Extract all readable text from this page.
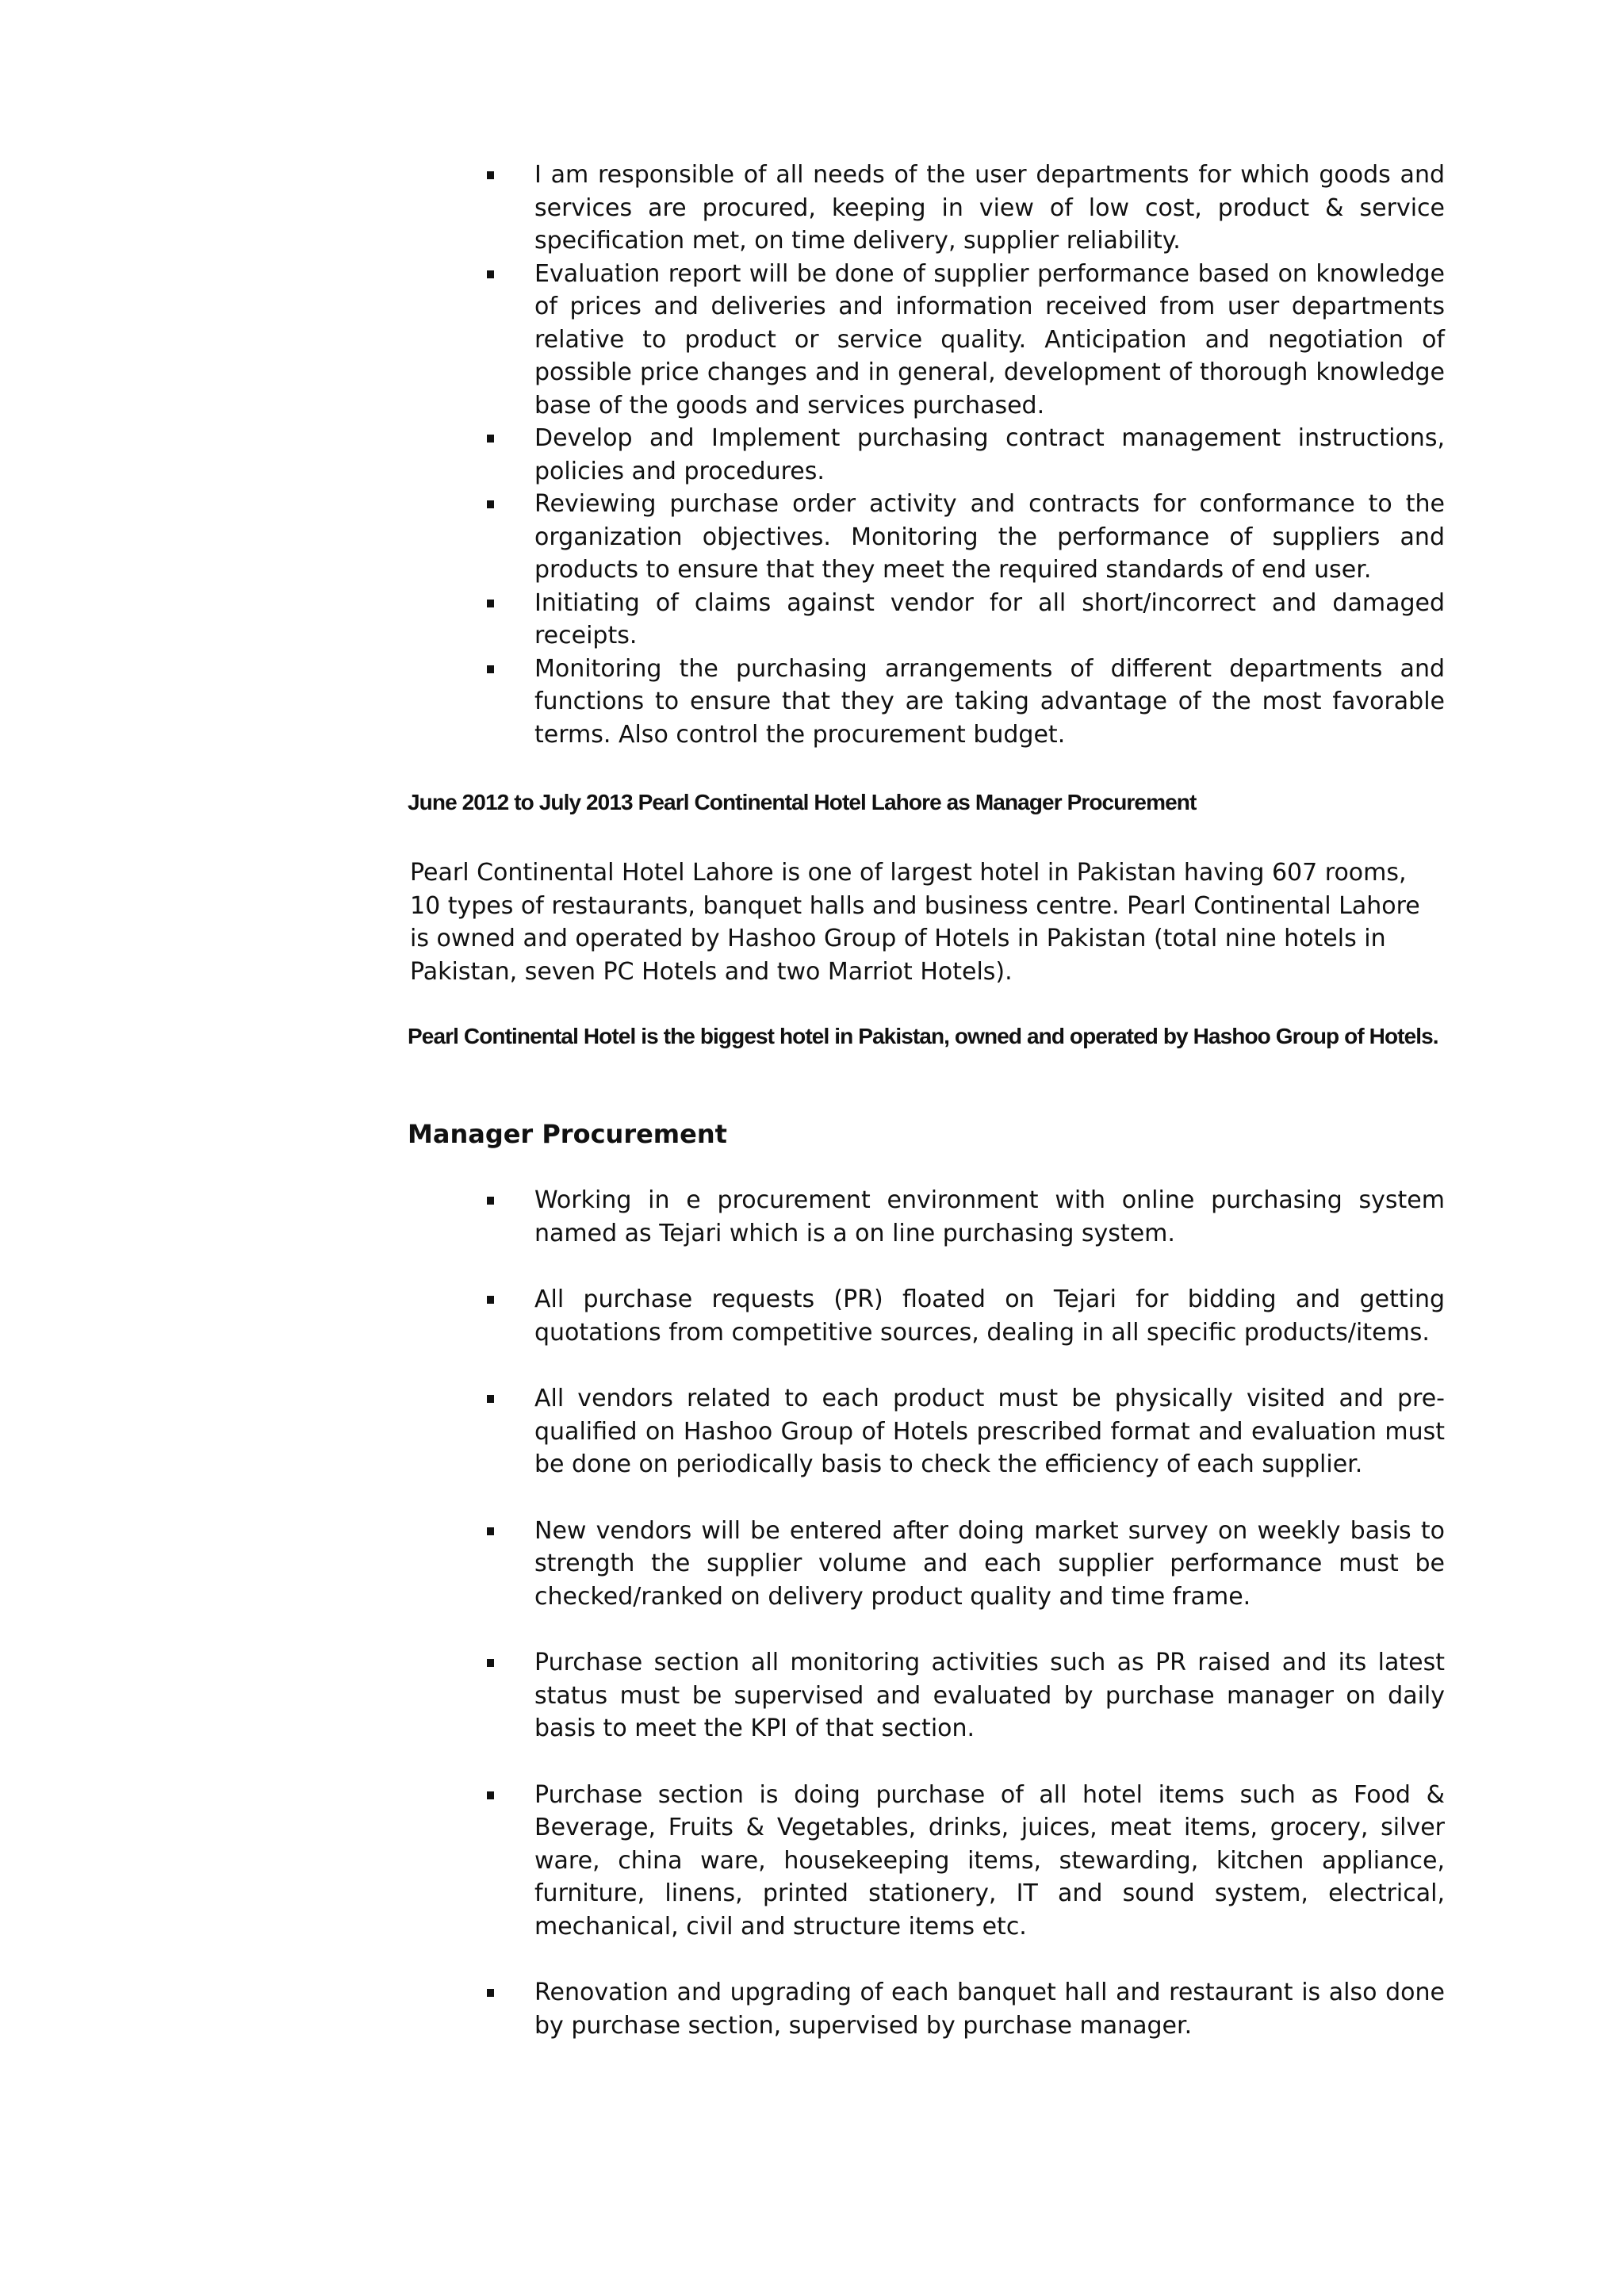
I am responsible of all needs of the user departments for which goods and services are procured, keeping in view of low cost, product & service specification met, on time delivery, supplier reliability.
Evaluation report will be done of supplier performance based on knowledge of prices and deliveries and information received from user departments relative to product or service quality. Anticipation and negotiation of possible price changes and in general, development of thorough knowledge base of the goods and services purchased.
Develop and Implement purchasing contract management instructions, policies and procedures.
Reviewing purchase order activity and contracts for conformance to the organization objectives. Monitoring the performance of suppliers and products to ensure that they meet the required standards of end user.
Initiating of claims against vendor for all short/incorrect and damaged receipts.
Monitoring the purchasing arrangements of different departments and functions to ensure that they are taking advantage of the most favorable terms. Also control the procurement budget.
June 2012 to July 2013 Pearl Continental Hotel Lahore as Manager Procurement
Pearl Continental Hotel Lahore is one of largest hotel in Pakistan having 607 rooms, 10 types of restaurants, banquet halls and business centre. Pearl Continental Lahore is owned and operated by Hashoo Group of Hotels in Pakistan (total nine hotels in Pakistan, seven PC Hotels and two Marriot Hotels).
Pearl Continental Hotel is the biggest hotel in Pakistan, owned and operated by Hashoo Group of Hotels.
Manager Procurement
Working in e procurement environment with online purchasing system named as Tejari which is a on line purchasing system.
All purchase requests (PR) floated on Tejari for bidding and getting quotations from competitive sources, dealing in all specific products/items.
All vendors related to each product must be physically visited and pre-qualified on Hashoo Group of Hotels prescribed format and evaluation must be done on periodically basis to check the efficiency of each supplier.
New vendors will be entered after doing market survey on weekly basis to strength the supplier volume and each supplier performance must be checked/ranked on delivery product quality and time frame.
Purchase section all monitoring activities such as PR raised and its latest status must be supervised and evaluated by purchase manager on daily basis to meet the KPI of that section.
Purchase section is doing purchase of all hotel items such as Food & Beverage, Fruits & Vegetables, drinks, juices, meat items, grocery, silver ware, china ware, housekeeping items, stewarding, kitchen appliance, furniture, linens, printed stationery, IT and sound system, electrical, mechanical, civil and structure items etc.
Renovation and upgrading of each banquet hall and restaurant is also done by purchase section, supervised by purchase manager.
